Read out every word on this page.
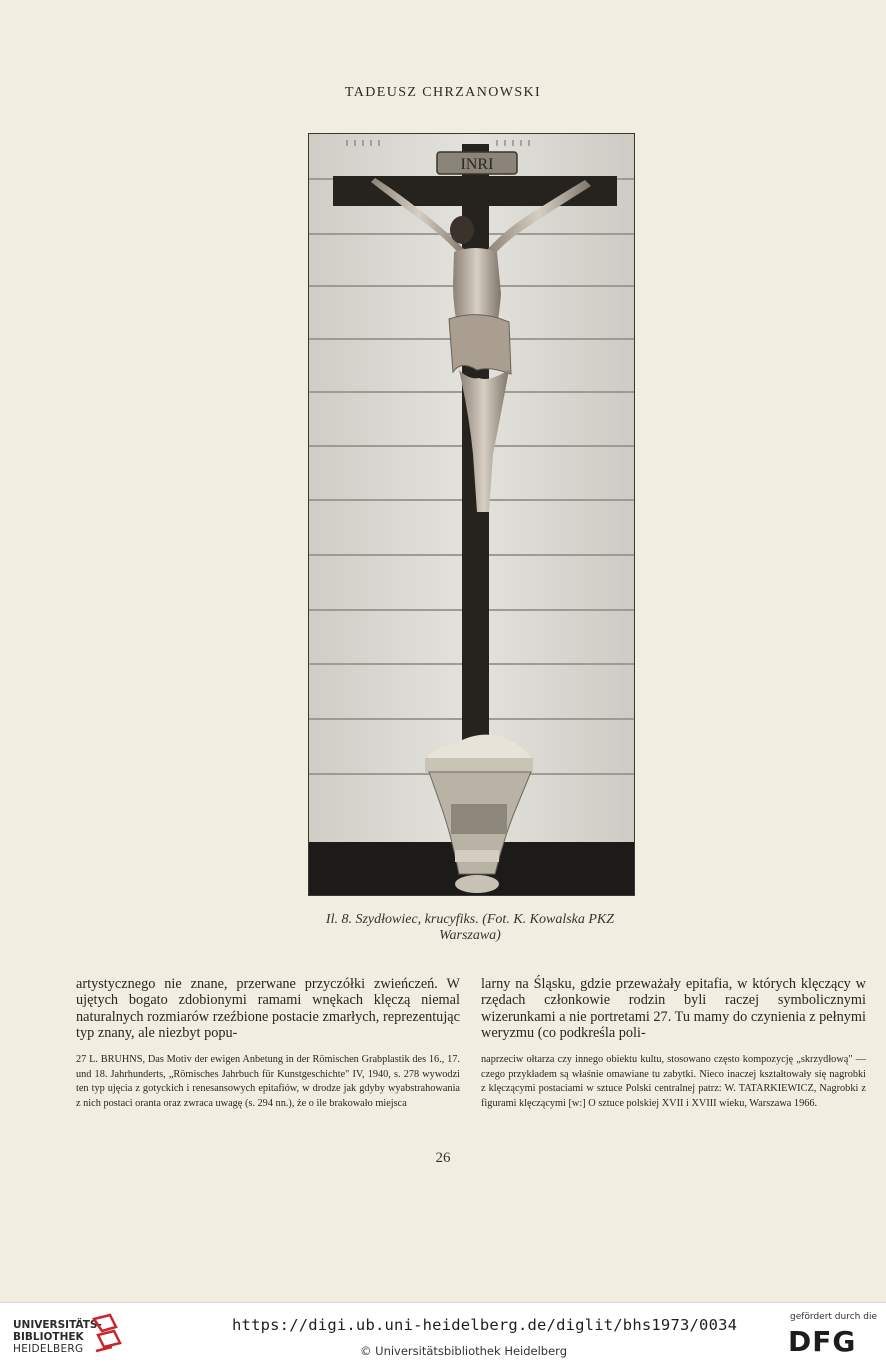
TADEUSZ CHRZANOWSKI
INRI
Il. 8. Szydłowiec, krucyfiks. (Fot. K. Kowalska PKZ
Warszawa)

artystycznego nie znane, przerwane przyczółki zwieńczeń. W ujętych bogato zdobionymi ramami wnękach klęczą niemal naturalnych rozmiarów rzeźbione postacie zmarłych, reprezentując typ znany, ale niezbyt popu-

larny na Śląsku, gdzie przeważały epitafia, w których klęczący w rzędach członkowie rodzin byli raczej symbolicznymi wizerunkami a nie portretami 27. Tu mamy do czynienia z pełnymi weryzmu (co podkreśla poli-

27 L. BRUHNS, Das Motiv der ewigen Anbetung in der Römischen Grabplastik des 16., 17. und 18. Jahrhunderts, „Römisches Jahrbuch für Kunstgeschichte" IV, 1940, s. 278 wywodzi ten typ ujęcia z gotyckich i renesansowych epitafiów, w drodze jak gdyby wyabstrahowania z nich postaci oranta oraz zwraca uwagę (s. 294 nn.), że o ile brakowało miejsca

naprzeciw ołtarza czy innego obiektu kultu, stosowano często kompozycję „skrzydłową" — czego przykładem są właśnie omawiane tu zabytki. Nieco inaczej kształtowały się nagrobki z klęczącymi postaciami w sztuce Polski centralnej patrz: W. TATARKIEWICZ, Nagrobki z figurami klęczącymi [w:] O sztuce polskiej XVII i XVIII wieku, Warszawa 1966.

26
UNIVERSITÄTS-
BIBLIOTHEK
HEIDELBERG
https://digi.ub.uni-heidelberg.de/diglit/bhs1973/0034
© Universitätsbibliothek Heidelberg
gefördert durch die
DFG
